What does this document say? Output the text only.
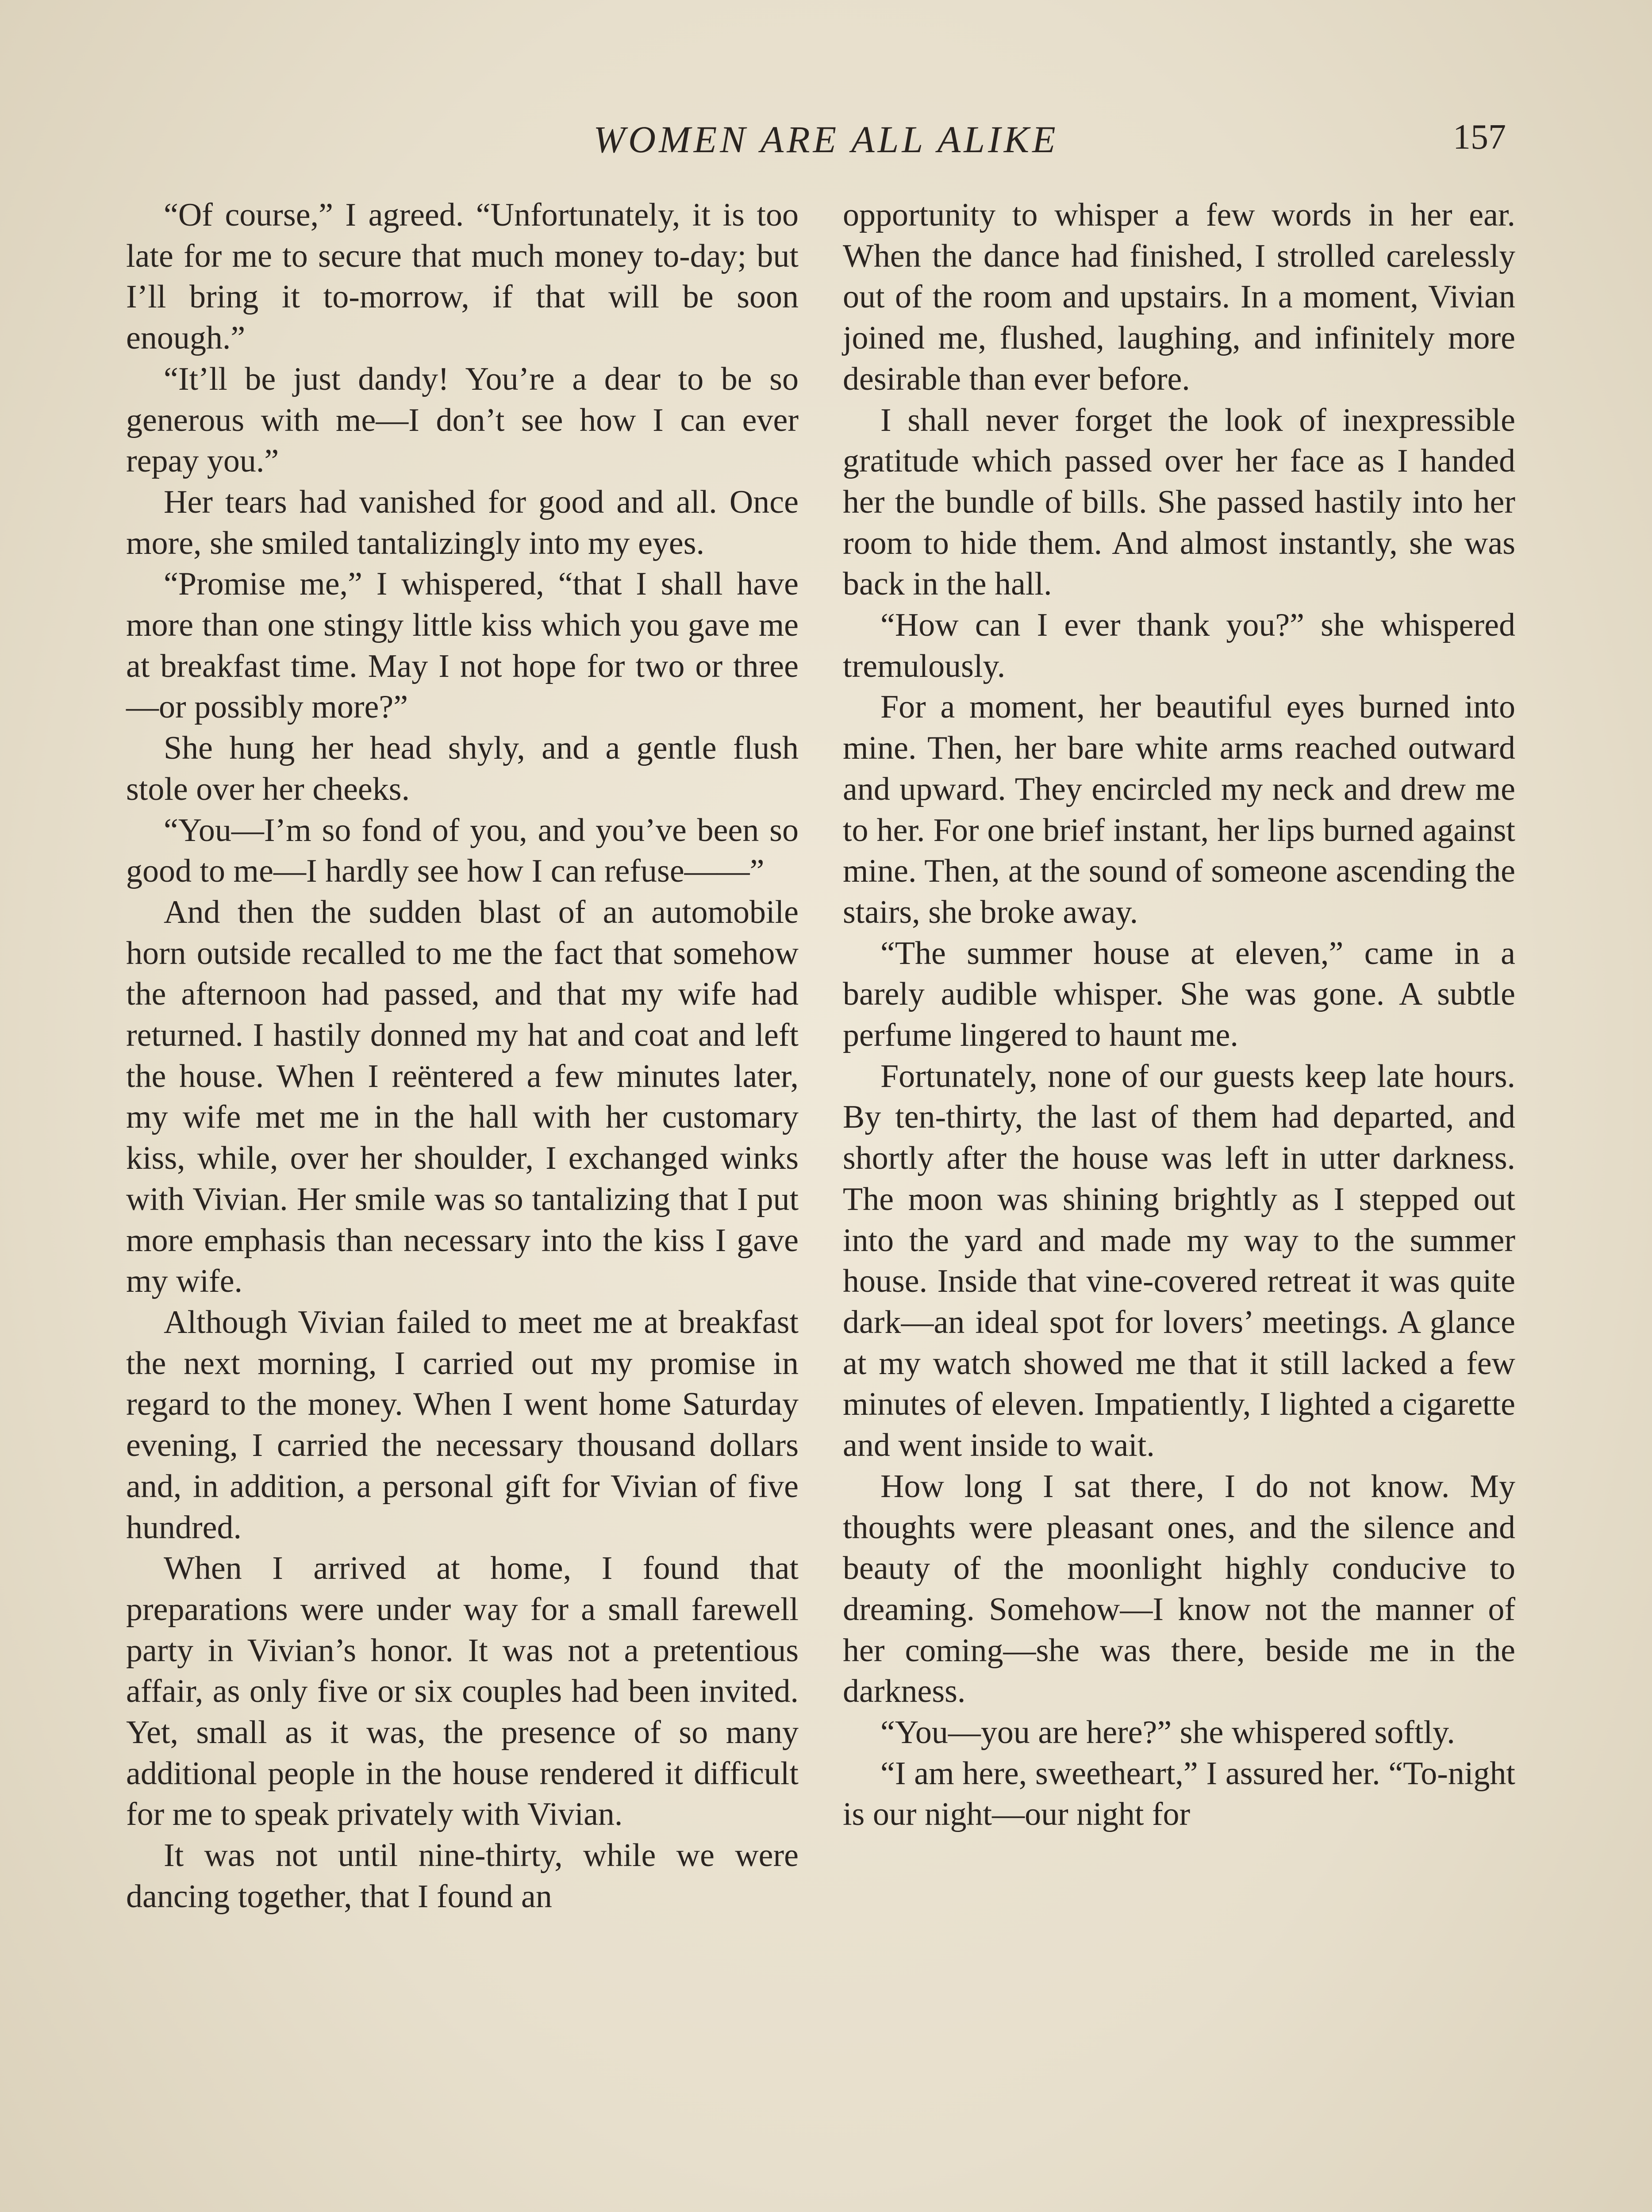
WOMEN ARE ALL ALIKE	157

“Of course,” I agreed. “Unfortunately, it is too late for me to secure that much money to-day; but I’ll bring it to-morrow, if that will be soon enough.”

“It’ll be just dandy! You’re a dear to be so generous with me—I don’t see how I can ever repay you.”

Her tears had vanished for good and all. Once more, she smiled tantalizingly into my eyes.

“Promise me,” I whispered, “that I shall have more than one stingy little kiss which you gave me at breakfast time. May I not hope for two or three —or possibly more?”

She hung her head shyly, and a gentle flush stole over her cheeks.

“You—I’m so fond of you, and you’ve been so good to me—I hardly see how I can refuse——”

And then the sudden blast of an automobile horn outside recalled to me the fact that somehow the afternoon had passed, and that my wife had returned. I hastily donned my hat and coat and left the house. When I reëntered a few minutes later, my wife met me in the hall with her customary kiss, while, over her shoulder, I exchanged winks with Vivian. Her smile was so tantalizing that I put more emphasis than necessary into the kiss I gave my wife.

Although Vivian failed to meet me at breakfast the next morning, I carried out my promise in regard to the money. When I went home Saturday evening, I carried the necessary thousand dollars and, in addition, a personal gift for Vivian of five hundred.

When I arrived at home, I found that preparations were under way for a small farewell party in Vivian’s honor. It was not a pretentious affair, as only five or six couples had been invited. Yet, small as it was, the presence of so many additional people in the house rendered it difficult for me to speak privately with Vivian.

It was not until nine-thirty, while we were dancing together, that I found an

opportunity to whisper a few words in her ear. When the dance had finished, I strolled carelessly out of the room and upstairs. In a moment, Vivian joined me, flushed, laughing, and infinitely more desirable than ever before.

I shall never forget the look of inexpressible gratitude which passed over her face as I handed her the bundle of bills. She passed hastily into her room to hide them. And almost instantly, she was back in the hall.

“How can I ever thank you?” she whispered tremulously.

For a moment, her beautiful eyes burned into mine. Then, her bare white arms reached outward and upward. They encircled my neck and drew me to her. For one brief instant, her lips burned against mine. Then, at the sound of someone ascending the stairs, she broke away.

“The summer house at eleven,” came in a barely audible whisper. She was gone. A subtle perfume lingered to haunt me.

Fortunately, none of our guests keep late hours. By ten-thirty, the last of them had departed, and shortly after the house was left in utter darkness. The moon was shining brightly as I stepped out into the yard and made my way to the summer house. Inside that vine-covered retreat it was quite dark—an ideal spot for lovers’ meetings. A glance at my watch showed me that it still lacked a few minutes of eleven. Impatiently, I lighted a cigarette and went inside to wait.

How long I sat there, I do not know. My thoughts were pleasant ones, and the silence and beauty of the moonlight highly conducive to dreaming. Somehow—I know not the manner of her coming—she was there, beside me in the darkness.

“You—you are here?” she whispered softly.

“I am here, sweetheart,” I assured her. “To-night is our night—our night for
